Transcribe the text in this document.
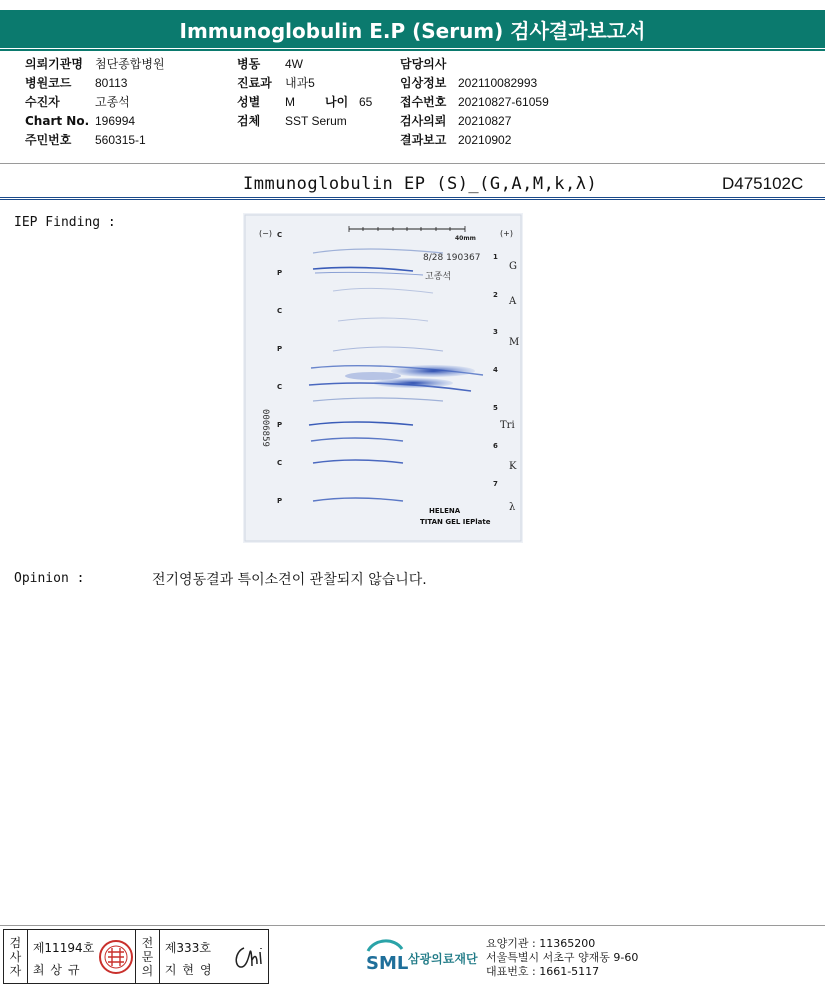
Immunoglobulin E.P (Serum) 검사결과보고서
의뢰기관명	첨단종합병원
병원코드	80113
수진자	고종석
Chart No. 196994
주민번호	560315-1
병동	4W
진료과	내과5
성별	M	나이 65
검체	SST Serum
담당의사
임상정보 202110082993
접수번호 20210827-61059
검사의뢰 20210827
결과보고 20210902
Immunoglobulin EP (S)_(G,A,M,k,λ)	D475102C
IEP Finding :
(−)	(+)
40mm
8/28 190367
고종석
0006859
C
P
C
P
C
P
C
P
1
2
3
4
5
6
7
G
A
M
Tri
K
λ
HELENA
TITAN GEL IEPlate
Opinion :	전기영동결과 특이소견이 관찰되지 않습니다.
검
사
자
제11194호
최상규
전
문
의
제333호
지현영	SML 삼광의료재단
요양기관 : 11365200
서울특별시 서초구 양재동 9-60
대표번호 : 1661-5117
